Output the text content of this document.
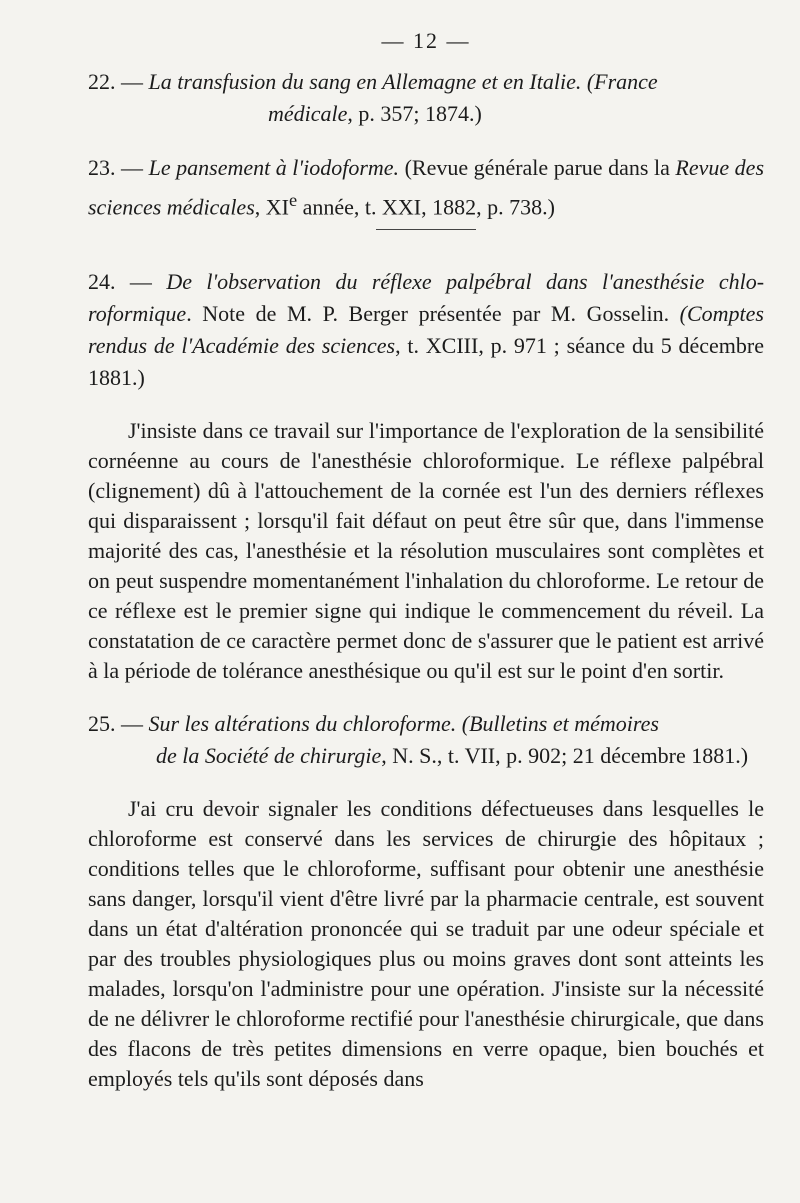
— 12 —

22. — La transfusion du sang en Allemagne et en Italie. (France
médicale, p. 357; 1874.)

23. — Le pansement à l'iodoforme. (Revue générale parue dans la Revue des sciences médicales, XIe année, t. XXI, 1882, p. 738.)

24. — De l'observation du réflexe palpébral dans l'anesthésie chlo- roformique. Note de M. P. Berger présentée par M. Gosselin. (Comptes rendus de l'Académie des sciences, t. XCIII, p. 971 ; séance du 5 décembre 1881.)

J'insiste dans ce travail sur l'importance de l'exploration de la sensibilité cornéenne au cours de l'anesthésie chloroformique. Le réflexe palpébral (clignement) dû à l'attouchement de la cornée est l'un des derniers réflexes qui disparaissent ; lorsqu'il fait défaut on peut être sûr que, dans l'immense majorité des cas, l'anesthésie et la résolution musculaires sont complètes et on peut suspendre momentanément l'inhalation du chloroforme. Le retour de ce réflexe est le premier signe qui indique le commencement du réveil. La constatation de ce caractère permet donc de s'assurer que le patient est arrivé à la période de tolérance anesthésique ou qu'il est sur le point d'en sortir.

25. — Sur les altérations du chloroforme. (Bulletins et mémoires
de la Société de chirurgie, N. S., t. VII, p. 902; 21 décembre 1881.)

J'ai cru devoir signaler les conditions défectueuses dans lesquelles le chloroforme est conservé dans les services de chirurgie des hôpitaux ; conditions telles que le chloroforme, suffisant pour obtenir une anesthésie sans danger, lorsqu'il vient d'être livré par la pharmacie centrale, est souvent dans un état d'altération prononcée qui se traduit par une odeur spéciale et par des troubles physiologiques plus ou moins graves dont sont atteints les malades, lorsqu'on l'administre pour une opération. J'insiste sur la nécessité de ne délivrer le chloroforme rectifié pour l'anesthésie chirurgicale, que dans des flacons de très petites dimensions en verre opaque, bien bouchés et employés tels qu'ils sont déposés dans
